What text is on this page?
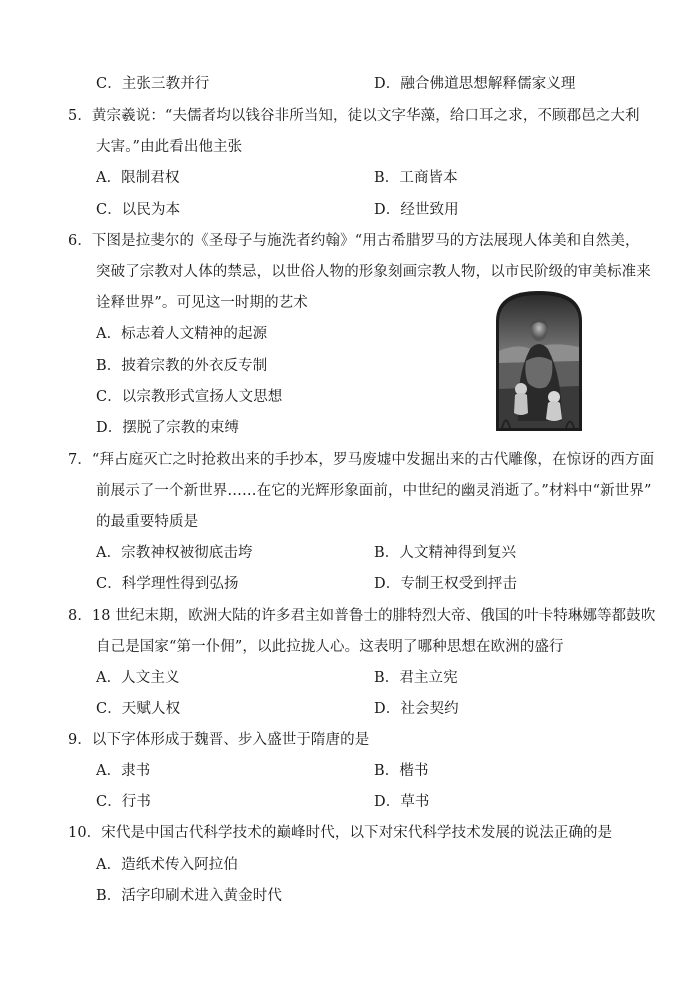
C．主张三教并行	D．融合佛道思想解释儒家义理
5．黄宗羲说：“夫儒者均以钱谷非所当知，徒以文字华藻，给口耳之求，不顾郡邑之大利
大害。”由此看出他主张
A．限制君权	B．工商皆本
C．以民为本	D．经世致用
6．下图是拉斐尔的《圣母子与施洗者约翰》“用古希腊罗马的方法展现人体美和自然美，
突破了宗教对人体的禁忌，以世俗人物的形象刻画宗教人物，以市民阶级的审美标准来
诠释世界”。可见这一时期的艺术
A．标志着人文精神的起源
B．披着宗教的外衣反专制
C．以宗教形式宣扬人文思想
D．摆脱了宗教的束缚
7．“拜占庭灭亡之时抢救出来的手抄本，罗马废墟中发掘出来的古代雕像，在惊讶的西方面
前展示了一个新世界……在它的光辉形象面前，中世纪的幽灵消逝了。”材料中“新世界”
的最重要特质是
A．宗教神权被彻底击垮	B．人文精神得到复兴
C．科学理性得到弘扬	D．专制王权受到抨击
8．18 世纪末期，欧洲大陆的许多君主如普鲁士的腓特烈大帝、俄国的叶卡特琳娜等都鼓吹
自己是国家“第一仆佣”，以此拉拢人心。这表明了哪种思想在欧洲的盛行
A．人文主义	B．君主立宪
C．天赋人权	D．社会契约
9．以下字体形成于魏晋、步入盛世于隋唐的是
A．隶书	B．楷书
C．行书	D．草书
10．宋代是中国古代科学技术的巅峰时代，以下对宋代科学技术发展的说法正确的是
A．造纸术传入阿拉伯
B．活字印刷术进入黄金时代
